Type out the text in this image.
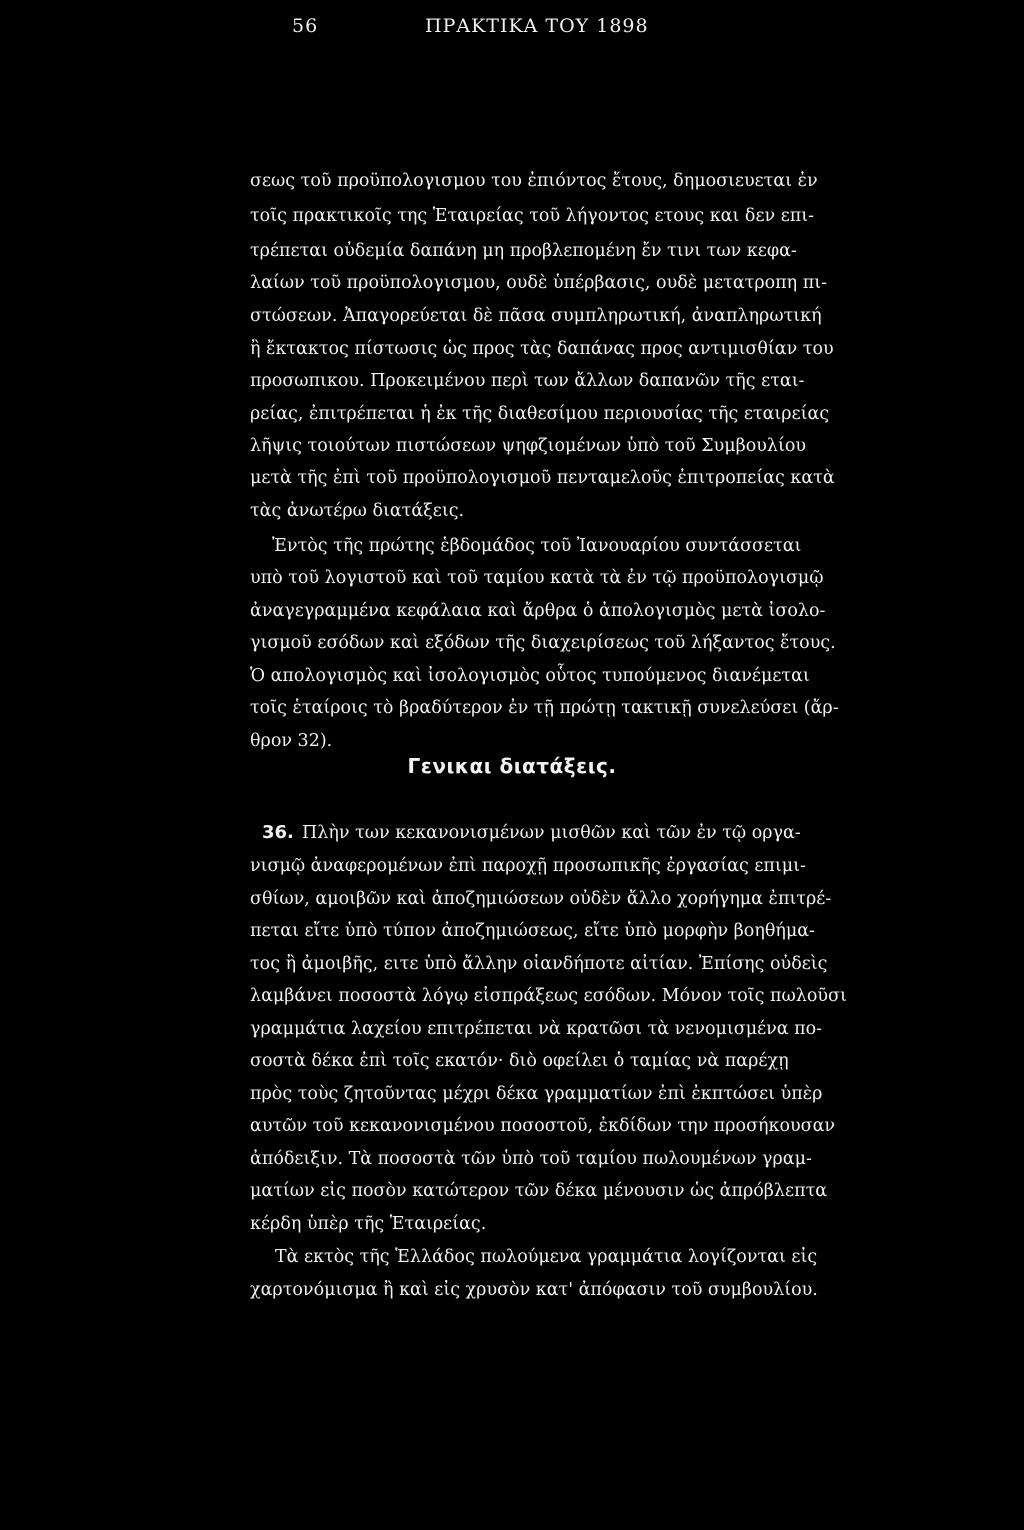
56	ΠΡΑΚΤΙΚΑ ΤΟΥ 1898
σεως τοῦ προϋπολογισμου του ἐπιόντος ἔτους, δημοσιευεται ἐν
τοῖς πρακτικοῖς της Ἑταιρείας τοῦ λήγοντος ετους και δεν επι-
τρέπεται οὐδεμία δαπάνη μη προβλεπομένη ἔν τινι των κεφα-
λαίων τοῦ προϋπολογισμου, ουδὲ ὑπέρβασις, ουδὲ μετατροπη πι-
στώσεων. Ἀπαγορεύεται δὲ πᾶσα συμπληρωτική, ἀναπληρωτική
ἢ ἔκτακτος πίστωσις ὡς προς τὰς δαπάνας προς αντιμισθίαν του
προσωπικου. Προκειμένου περὶ των ἄλλων δαπανῶν τῆς εται-
ρείας, ἐπιτρέπεται ἡ ἐκ τῆς διαθεσίμου περιουσίας τῆς εταιρείας
λῆψις τοιούτων πιστώσεων ψηφζιομένων ὑπὸ τοῦ Συμβουλίου
μετὰ τῆς ἐπὶ τοῦ προϋπολογισμοῦ πενταμελοῦς ἐπιτροπείας κατὰ
τὰς ἀνωτέρω διατάξεις.
Ἐντὸς τῆς πρώτης ἑβδομάδος τοῦ Ἰανουαρίου συντάσσεται
υπὸ τοῦ λογιστοῦ καὶ τοῦ ταμίου κατὰ τὰ ἐν τῷ προϋπολογισμῷ
ἀναγεγραμμένα κεφάλαια καὶ ἄρθρα ὁ ἀπολογισμὸς μετὰ ἰσολο-
γισμοῦ εσόδων καὶ εξόδων τῆς διαχειρίσεως τοῦ λήξαντος ἔτους.
Ὁ απολογισμὸς καὶ ἰσολογισμὸς οὗτος τυπούμενος διανέμεται
τοῖς ἑταίροις τὸ βραδύτερον ἐν τῇ πρώτῃ τακτικῇ συνελεύσει (ἄρ-
θρον 32).
Γενικαι διατάξεις.
36. Πλὴν των κεκανονισμένων μισθῶν καὶ τῶν ἐν τῷ οργα-
νισμῷ ἀναφερομένων ἐπὶ παροχῇ προσωπικῆς ἐργασίας επιμι-
σθίων, αμοιβῶν καὶ ἀποζημιώσεων οὐδὲν ἄλλο χορήγημα ἐπιτρέ-
πεται εἴτε ὑπὸ τύπον ἀποζημιώσεως, εἴτε ὑπὸ μορφὴν βοηθήμα-
τος ἢ ἀμοιβῆς, ειτε ὑπὸ ἄλλην οἱανδήποτε αἰτίαν. Ἐπίσης οὐδεὶς
λαμβάνει ποσοστὰ λόγῳ εἰσπράξεως εσόδων. Μόνον τοῖς πωλοῦσι
γραμμάτια λαχείου επιτρέπεται νὰ κρατῶσι τὰ νενομισμένα πο-
σοστὰ δέκα ἐπὶ τοῖς εκατόν· διὸ οφείλει ὁ ταμίας νὰ παρέχῃ
πρὸς τοὺς ζητοῦντας μέχρι δέκα γραμματίων ἐπὶ ἐκπτώσει ὑπὲρ
αυτῶν τοῦ κεκανονισμένου ποσοστοῦ, ἐκδίδων την προσήκουσαν
ἀπόδειξιν. Τὰ ποσοστὰ τῶν ὑπὸ τοῦ ταμίου πωλουμένων γραμ-
ματίων εἰς ποσὸν κατώτερον τῶν δέκα μένουσιν ὡς ἀπρόβλεπτα
κέρδη ὑπὲρ τῆς Ἑταιρείας.
Τὰ εκτὸς τῆς Ἑλλάδος πωλούμενα γραμμάτια λογίζονται εἰς
χαρτονόμισμα ἢ καὶ εἰς χρυσὸν κατ' ἀπόφασιν τοῦ συμβουλίου.
